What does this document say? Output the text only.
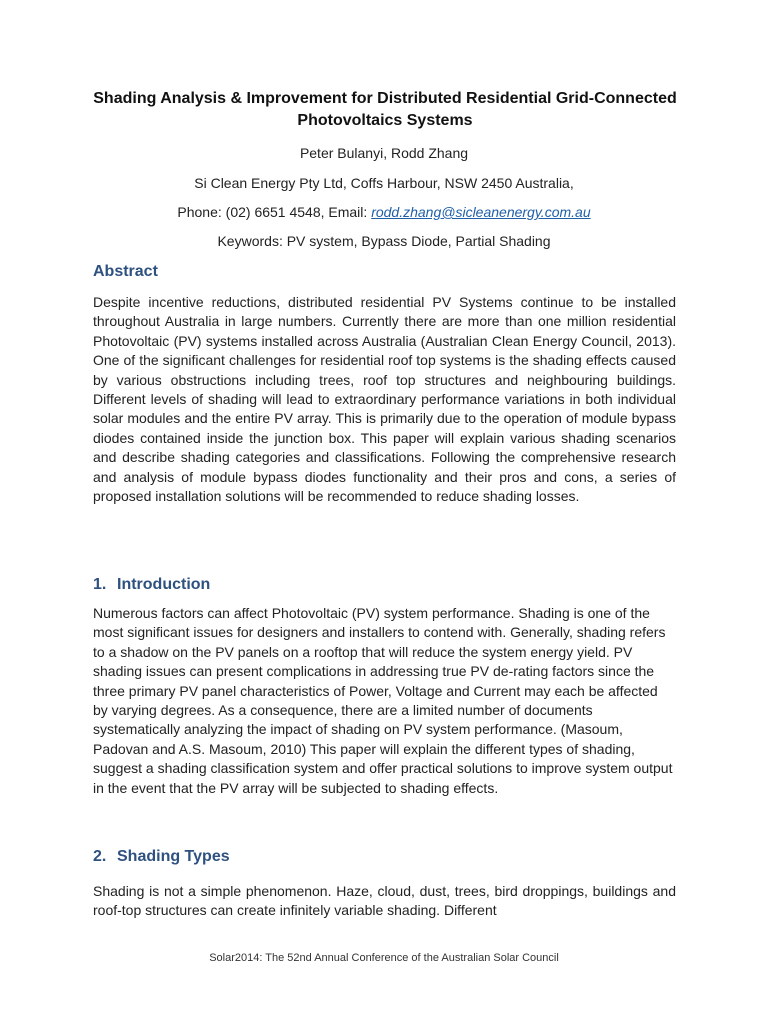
Shading Analysis & Improvement for Distributed Residential Grid-Connected Photovoltaics Systems
Peter Bulanyi, Rodd Zhang
Si Clean Energy Pty Ltd, Coffs Harbour, NSW 2450 Australia,
Phone: (02) 6651 4548, Email: rodd.zhang@sicleanenergy.com.au
Keywords: PV system, Bypass Diode, Partial Shading
Abstract

Despite incentive reductions, distributed residential PV Systems continue to be installed throughout Australia in large numbers. Currently there are more than one million residential Photovoltaic (PV) systems installed across Australia (Australian Clean Energy Council, 2013). One of the significant challenges for residential roof top systems is the shading effects caused by various obstructions including trees, roof top structures and neighbouring buildings. Different levels of shading will lead to extraordinary performance variations in both individual solar modules and the entire PV array. This is primarily due to the operation of module bypass diodes contained inside the junction box. This paper will explain various shading scenarios and describe shading categories and classifications. Following the comprehensive research and analysis of module bypass diodes functionality and their pros and cons, a series of proposed installation solutions will be recommended to reduce shading losses.

1. Introduction

Numerous factors can affect Photovoltaic (PV) system performance. Shading is one of the most significant issues for designers and installers to contend with. Generally, shading refers to a shadow on the PV panels on a rooftop that will reduce the system energy yield. PV shading issues can present complications in addressing true PV de-rating factors since the three primary PV panel characteristics of Power, Voltage and Current may each be affected by varying degrees. As a consequence, there are a limited number of documents systematically analyzing the impact of shading on PV system performance. (Masoum, Padovan and A.S. Masoum, 2010) This paper will explain the different types of shading, suggest a shading classification system and offer practical solutions to improve system output in the event that the PV array will be subjected to shading effects.

2. Shading Types

Shading is not a simple phenomenon. Haze, cloud, dust, trees, bird droppings, buildings and roof-top structures can create infinitely variable shading. Different

Solar2014: The 52nd Annual Conference of the Australian Solar Council
